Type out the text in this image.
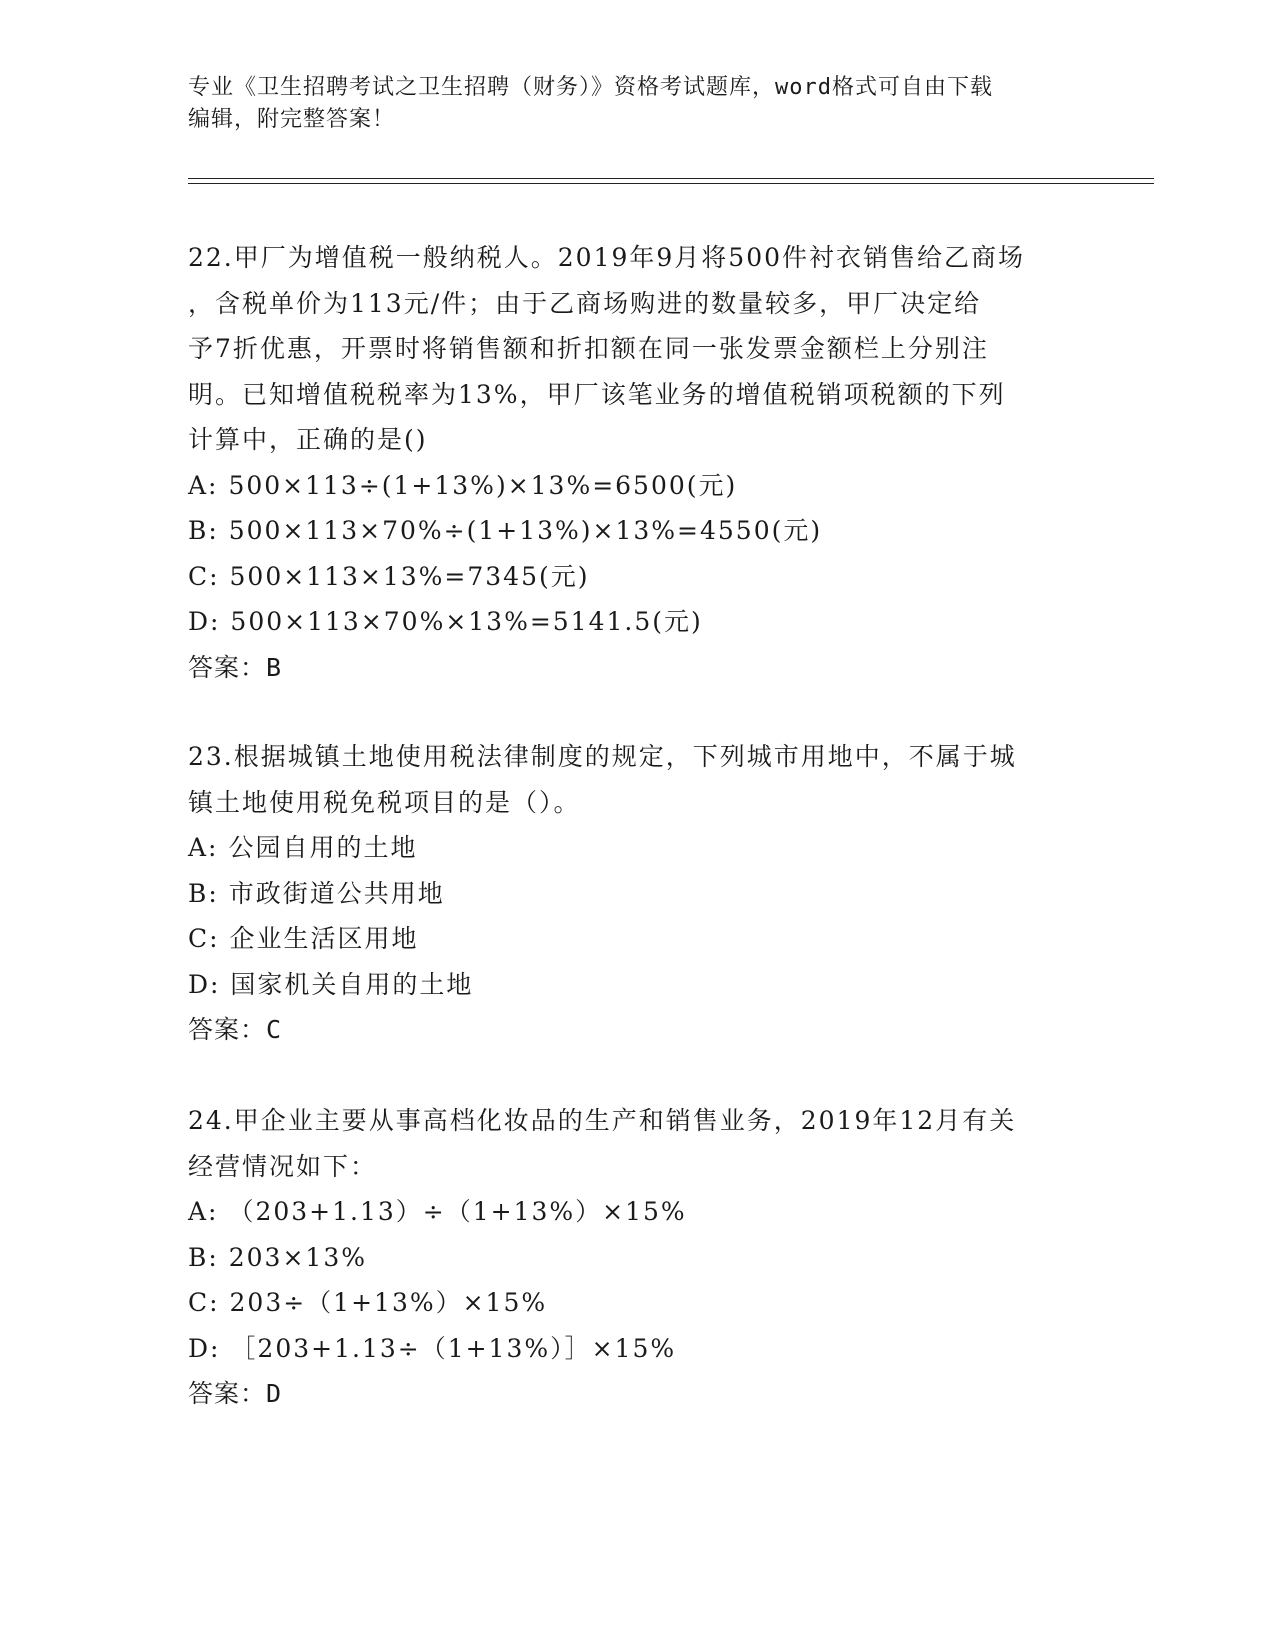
专业《卫生招聘考试之卫生招聘（财务）》资格考试题库，word格式可自由下载
编辑，附完整答案！
22.甲厂为增值税一般纳税人。2019年9月将500件衬衣销售给乙商场
，含税单价为113元/件；由于乙商场购进的数量较多，甲厂决定给
予7折优惠，开票时将销售额和折扣额在同一张发票金额栏上分别注
明。已知增值税税率为13%，甲厂该笔业务的增值税销项税额的下列
计算中，正确的是()
A: 500×113÷(1+13%)×13%=6500(元)
B: 500×113×70%÷(1+13%)×13%=4550(元)
C: 500×113×13%=7345(元)
D: 500×113×70%×13%=5141.5(元)
答案：B
23.根据城镇土地使用税法律制度的规定，下列城市用地中，不属于城
镇土地使用税免税项目的是（）。
A: 公园自用的土地
B: 市政街道公共用地
C: 企业生活区用地
D: 国家机关自用的土地
答案：C
24.甲企业主要从事高档化妆品的生产和销售业务，2019年12月有关
经营情况如下：
A: （203+1.13）÷（1+13%）×15%
B: 203×13%
C: 203÷（1+13%）×15%
D: ［203+1.13÷（1+13%）］×15%
答案：D
